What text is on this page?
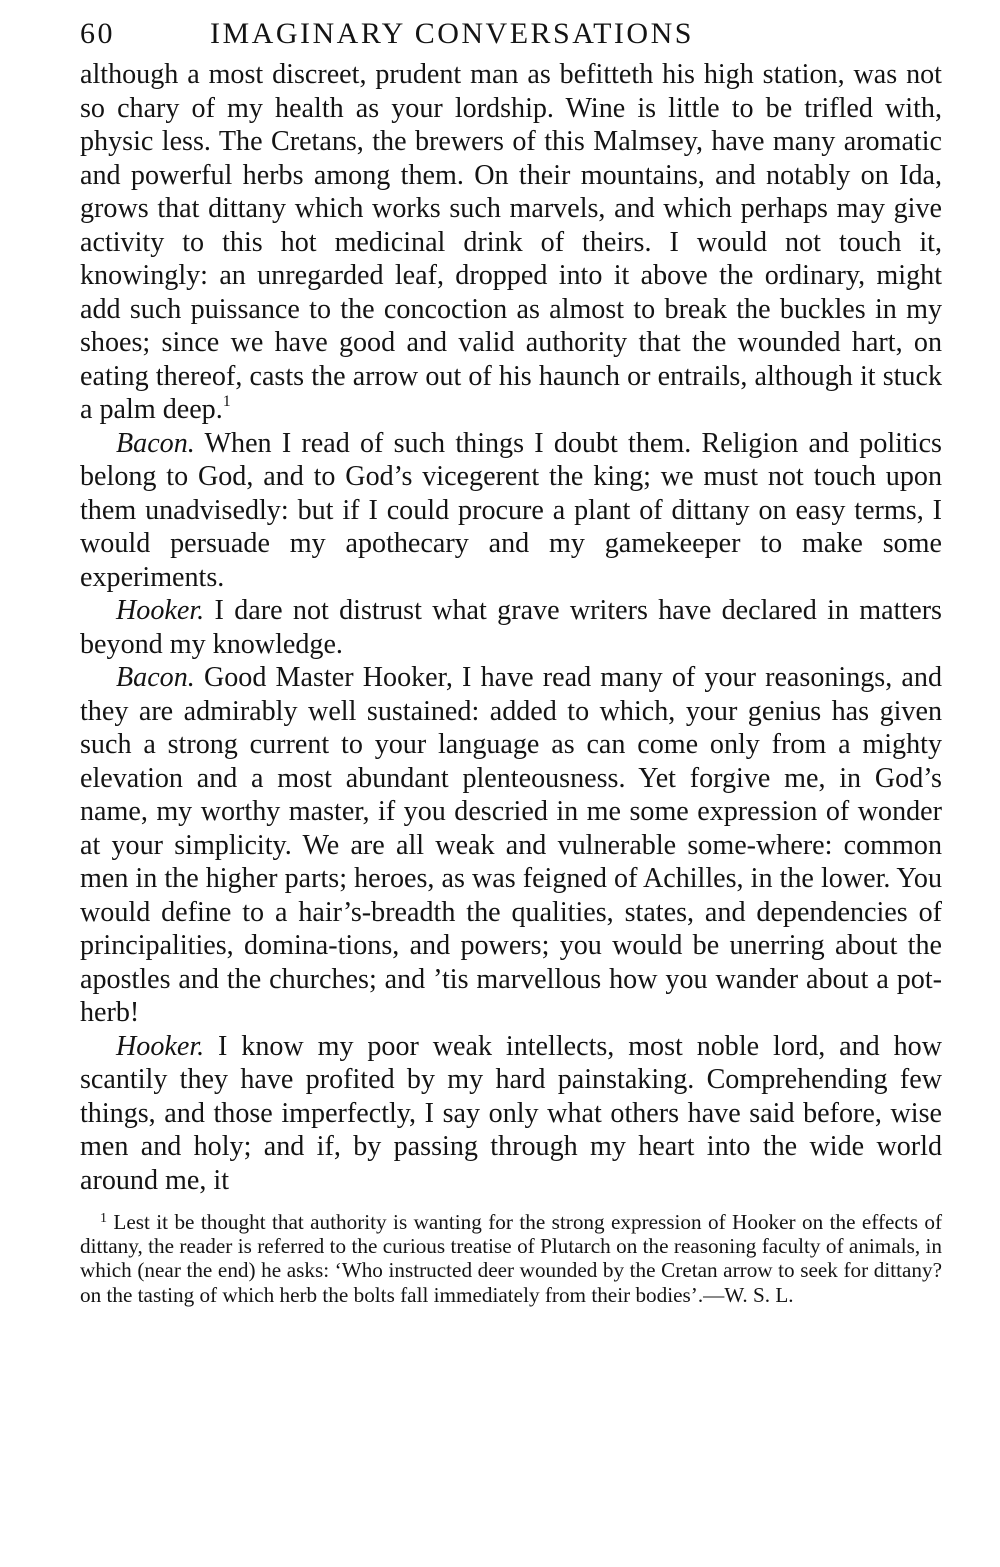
60	IMAGINARY CONVERSATIONS

although a most discreet, prudent man as befitteth his high station, was not so chary of my health as your lordship. Wine is little to be trifled with, physic less. The Cretans, the brewers of this Malmsey, have many aromatic and powerful herbs among them. On their mountains, and notably on Ida, grows that dittany which works such marvels, and which perhaps may give activity to this hot medicinal drink of theirs. I would not touch it, knowingly: an unregarded leaf, dropped into it above the ordinary, might add such puissance to the concoction as almost to break the buckles in my shoes; since we have good and valid authority that the wounded hart, on eating thereof, casts the arrow out of his haunch or entrails, although it stuck a palm deep.$^1$

Bacon. When I read of such things I doubt them. Religion and politics belong to God, and to God’s vicegerent the king; we must not touch upon them unadvisedly: but if I could procure a plant of dittany on easy terms, I would persuade my apothecary and my gamekeeper to make some experiments.

Hooker. I dare not distrust what grave writers have declared in matters beyond my knowledge.

Bacon. Good Master Hooker, I have read many of your reasonings, and they are admirably well sustained: added to which, your genius has given such a strong current to your language as can come only from a mighty elevation and a most abundant plenteousness. Yet forgive me, in God’s name, my worthy master, if you descried in me some expression of wonder at your simplicity. We are all weak and vulnerable some-where: common men in the higher parts; heroes, as was feigned of Achilles, in the lower. You would define to a hair’s-breadth the qualities, states, and dependencies of principalities, domina-tions, and powers; you would be unerring about the apostles and the churches; and ’tis marvellous how you wander about a pot-herb!

Hooker. I know my poor weak intellects, most noble lord, and how scantily they have profited by my hard painstaking. Comprehending few things, and those imperfectly, I say only what others have said before, wise men and holy; and if, by passing through my heart into the wide world around me, it

$^1$ Lest it be thought that authority is wanting for the strong expression of Hooker on the effects of dittany, the reader is referred to the curious treatise of Plutarch on the reasoning faculty of animals, in which (near the end) he asks: ‘Who instructed deer wounded by the Cretan arrow to seek for dittany? on the tasting of which herb the bolts fall immediately from their bodies’.—W. S. L.
